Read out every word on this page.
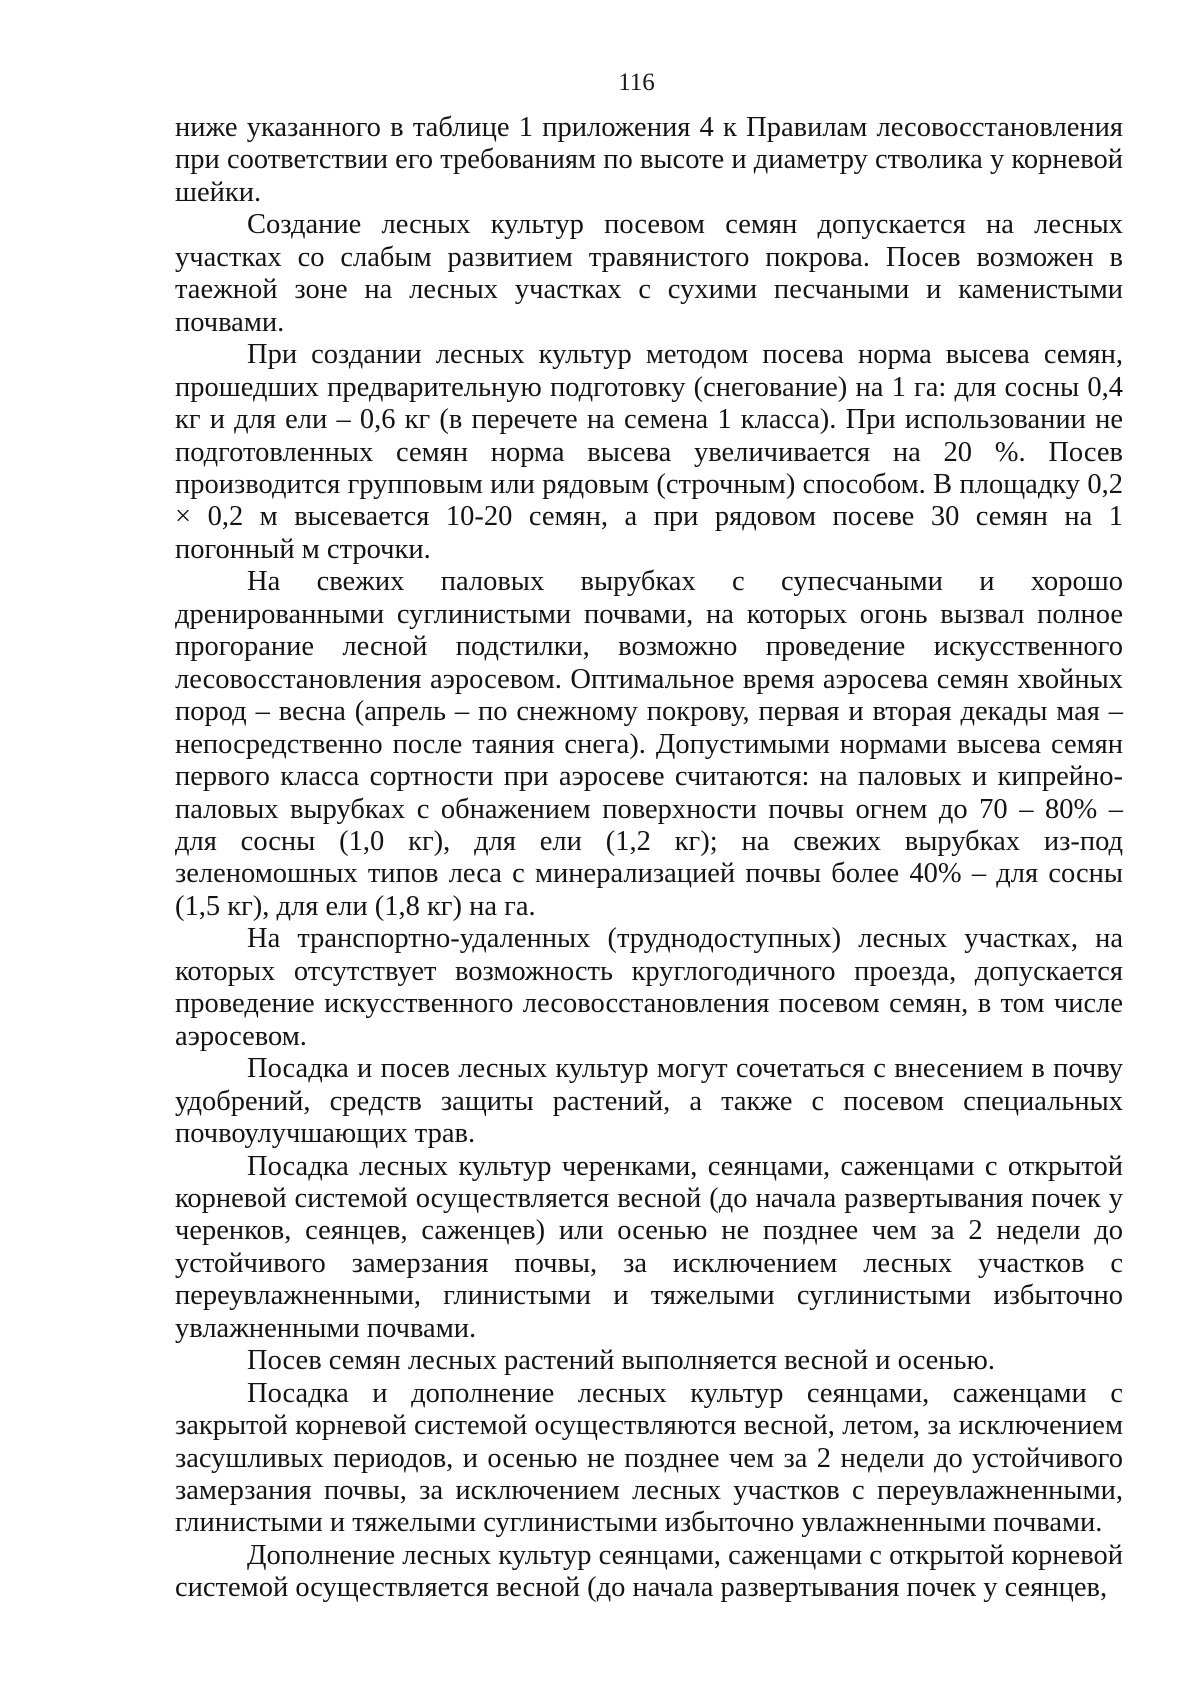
116

ниже указанного в таблице 1 приложения 4 к Правилам лесовосстановления при соответствии его требованиям по высоте и диаметру стволика у корневой шейки.

Создание лесных культур посевом семян допускается на лесных участках со слабым развитием травянистого покрова. Посев возможен в таежной зоне на лесных участках с сухими песчаными и каменистыми почвами.

При создании лесных культур методом посева норма высева семян, прошедших предварительную подготовку (снегование) на 1 га: для сосны 0,4 кг и для ели – 0,6 кг (в перечете на семена 1 класса). При использовании не подготовленных семян норма высева увеличивается на 20 %. Посев производится групповым или рядовым (строчным) способом. В площадку 0,2 × 0,2 м высевается 10-20 семян, а при рядовом посеве 30 семян на 1 погонный м строчки.

На свежих паловых вырубках с супесчаными и хорошо дренированными суглинистыми почвами, на которых огонь вызвал полное прогорание лесной подстилки, возможно проведение искусственного лесовосстановления аэросевом. Оптимальное время аэросева семян хвойных пород – весна (апрель – по снежному покрову, первая и вторая декады мая – непосредственно после таяния снега). Допустимыми нормами высева семян первого класса сортности при аэросеве считаются: на паловых и кипрейно-паловых вырубках с обнажением поверхности почвы огнем до 70 – 80% – для сосны (1,0 кг), для ели (1,2 кг); на свежих вырубках из-под зеленомошных типов леса с минерализацией почвы более 40% – для сосны (1,5 кг), для ели (1,8 кг) на га.

На транспортно-удаленных (труднодоступных) лесных участках, на которых отсутствует возможность круглогодичного проезда, допускается проведение искусственного лесовосстановления посевом семян, в том числе аэросевом.

Посадка и посев лесных культур могут сочетаться с внесением в почву удобрений, средств защиты растений, а также с посевом специальных почвоулучшающих трав.

Посадка лесных культур черенками, сеянцами, саженцами с открытой корневой системой осуществляется весной (до начала развертывания почек у черенков, сеянцев, саженцев) или осенью не позднее чем за 2 недели до устойчивого замерзания почвы, за исключением лесных участков с переувлажненными, глинистыми и тяжелыми суглинистыми избыточно увлажненными почвами.

Посев семян лесных растений выполняется весной и осенью.

Посадка и дополнение лесных культур сеянцами, саженцами с закрытой корневой системой осуществляются весной, летом, за исключением засушливых периодов, и осенью не позднее чем за 2 недели до устойчивого замерзания почвы, за исключением лесных участков с переувлажненными, глинистыми и тяжелыми суглинистыми избыточно увлажненными почвами.

Дополнение лесных культур сеянцами, саженцами с открытой корневой системой осуществляется весной (до начала развертывания почек у сеянцев,
